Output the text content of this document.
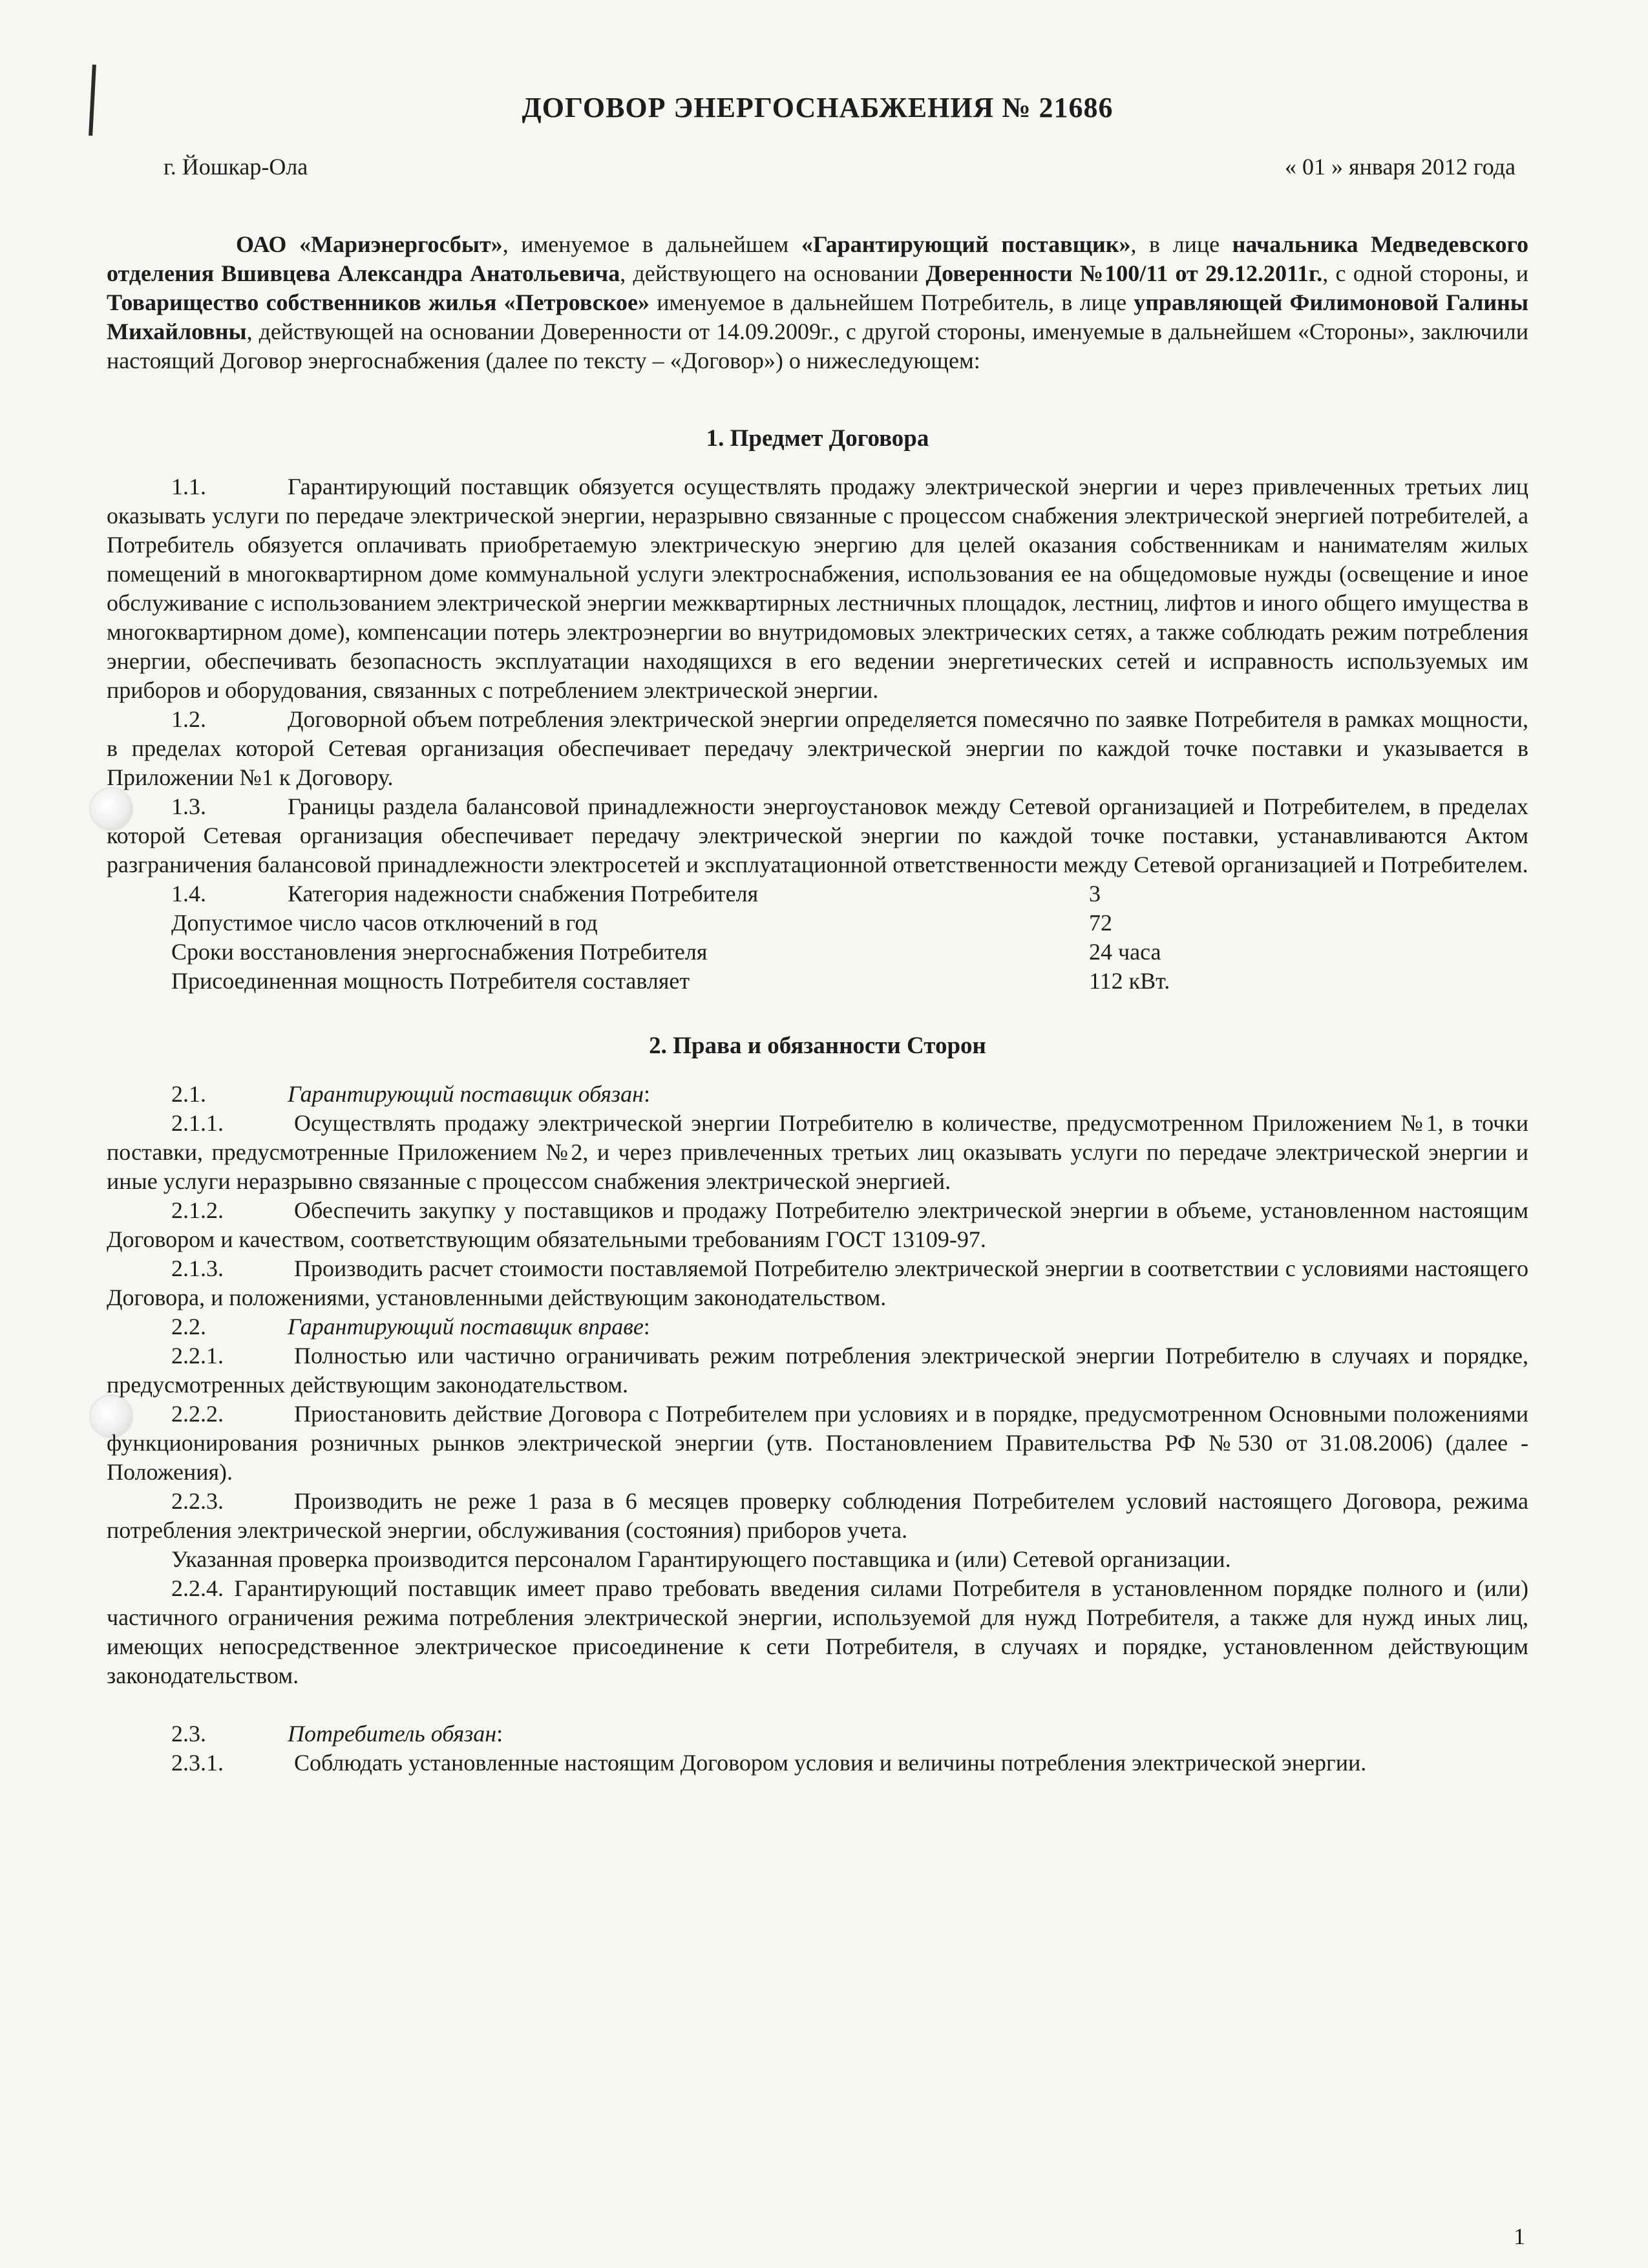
ДОГОВОР ЭНЕРГОСНАБЖЕНИЯ № 21686
г. Йошкар-Ола	« 01 » января 2012 года

ОАО «Мариэнергосбыт», именуемое в дальнейшем «Гарантирующий поставщик», в лице начальника Медведевского отделения Вшивцева Александра Анатольевича, действующего на основании Доверенности №100/11 от 29.12.2011г., с одной стороны, и Товарищество собственников жилья «Петровское» именуемое в дальнейшем Потребитель, в лице управляющей Филимоновой Галины Михайловны, действующей на основании Доверенности от 14.09.2009г., с другой стороны, именуемые в дальнейшем «Стороны», заключили настоящий Договор энергоснабжения (далее по тексту – «Договор») о нижеследующем:

1. Предмет Договора

1.1.	Гарантирующий поставщик обязуется осуществлять продажу электрической энергии и через привлеченных третьих лиц оказывать услуги по передаче электрической энергии, неразрывно связанные с процессом снабжения электрической энергией потребителей, а Потребитель обязуется оплачивать приобретаемую электрическую энергию для целей оказания собственникам и нанимателям жилых помещений в многоквартирном доме коммунальной услуги электроснабжения, использования ее на общедомовые нужды (освещение и иное обслуживание с использованием электрической энергии межквартирных лестничных площадок, лестниц, лифтов и иного общего имущества в многоквартирном доме), компенсации потерь электроэнергии во внутридомовых электрических сетях, а также соблюдать режим потребления энергии, обеспечивать безопасность эксплуатации находящихся в его ведении энергетических сетей и исправность используемых им приборов и оборудования, связанных с потреблением электрической энергии.

1.2.	Договорной объем потребления электрической энергии определяется помесячно по заявке Потребителя в рамках мощности, в пределах которой Сетевая организация обеспечивает передачу электрической энергии по каждой точке поставки и указывается в Приложении №1 к Договору.

1.3.	Границы раздела балансовой принадлежности энергоустановок между Сетевой организацией и Потребителем, в пределах которой Сетевая организация обеспечивает передачу электрической энергии по каждой точке поставки, устанавливаются Актом разграничения балансовой принадлежности электросетей и эксплуатационной ответственности между Сетевой организацией и Потребителем.

1.4.	Категория надежности снабжения Потребителя	3
Допустимое число часов отключений в год	72
Сроки восстановления энергоснабжения Потребителя	24 часа
Присоединенная мощность Потребителя составляет	112 кВт.
2. Права и обязанности Сторон

2.1.	Гарантирующий поставщик обязан:

2.1.1.	Осуществлять продажу электрической энергии Потребителю в количестве, предусмотренном Приложением №1, в точки поставки, предусмотренные Приложением №2, и через привлеченных третьих лиц оказывать услуги по передаче электрической энергии и иные услуги неразрывно связанные с процессом снабжения электрической энергией.

2.1.2.	Обеспечить закупку у поставщиков и продажу Потребителю электрической энергии в объеме, установленном настоящим Договором и качеством, соответствующим обязательными требованиям ГОСТ 13109-97.

2.1.3.	Производить расчет стоимости поставляемой Потребителю электрической энергии в соответствии с условиями настоящего Договора, и положениями, установленными действующим законодательством.

2.2.	Гарантирующий поставщик вправе:

2.2.1.	Полностью или частично ограничивать режим потребления электрической энергии Потребителю в случаях и порядке, предусмотренных действующим законодательством.

2.2.2.	Приостановить действие Договора с Потребителем при условиях и в порядке, предусмотренном Основными положениями функционирования розничных рынков электрической энергии (утв. Постановлением Правительства РФ №530 от 31.08.2006) (далее - Положения).

2.2.3.	Производить не реже 1 раза в 6 месяцев проверку соблюдения Потребителем условий настоящего Договора, режима потребления электрической энергии, обслуживания (состояния) приборов учета.

Указанная проверка производится персоналом Гарантирующего поставщика и (или) Сетевой организации.

2.2.4. Гарантирующий поставщик имеет право требовать введения силами Потребителя в установленном порядке полного и (или) частичного ограничения режима потребления электрической энергии, используемой для нужд Потребителя, а также для нужд иных лиц, имеющих непосредственное электрическое присоединение к сети Потребителя, в случаях и порядке, установленном действующим законодательством.

2.3.	Потребитель обязан:

2.3.1.	Соблюдать установленные настоящим Договором условия и величины потребления электрической энергии.

1
